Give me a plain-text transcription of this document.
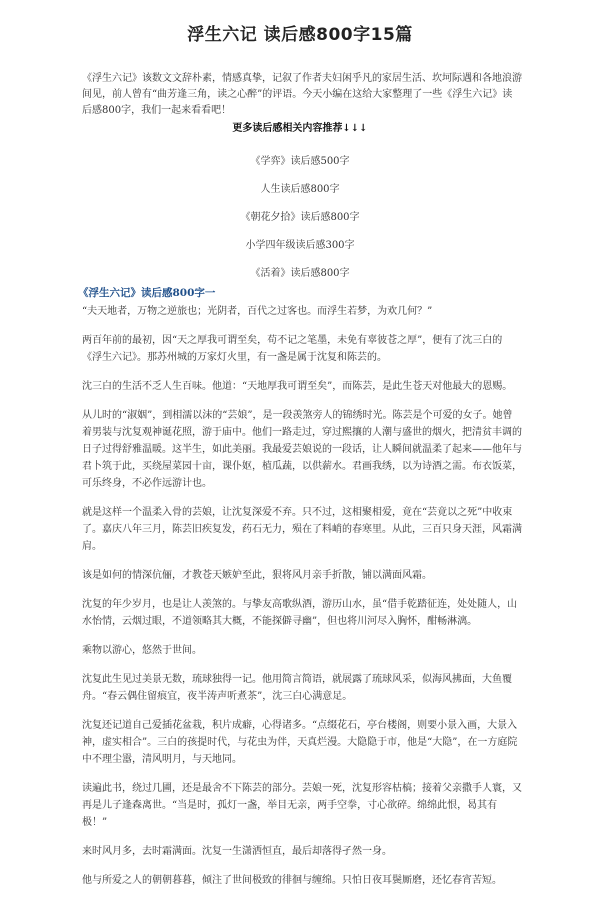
浮生六记 读后感800字15篇
《浮生六记》该数文文辞朴素，情感真挚，记叙了作者夫妇闲乎凡的家居生活、坎坷际遇和各地浪游间见，前人曾有“曲芳逢三角，读之心醉”的评语。今天小编在这给大家整理了一些《浮生六记》读后感800字，我们一起来看看吧！
更多读后感相关内容推荐↓↓↓
《学弈》读后感500字
人生读后感800字
《朝花夕拾》读后感800字
小学四年级读后感300字
《活着》读后感800字
《浮生六记》读后感800字一

“夫天地者，万物之逆旅也；光阴者，百代之过客也。而浮生若梦，为欢几何？”

两百年前的最初，因“天之厚我可谓至矣，苟不记之笔墨，未免有辜彼苍之厚”，便有了沈三白的《浮生六记》。那苏州城的万家灯火里，有一盏是属于沈复和陈芸的。

沈三白的生活不乏人生百味。他道：“天地厚我可谓至矣”，而陈芸，是此生苍天对他最大的恩赐。

从儿时的“淑姻”，到相濡以沫的“芸娘”，是一段羡煞旁人的锦绣时光。陈芸是个可爱的女子。她曾着男装与沈复观神诞花照，游于庙中。他们一路走过，穿过熙攘的人潮与盛世的烟火，把清贫丰调的日子过得舒雅温暖。这半生，如此美丽。我最爱芸娘说的一段话，让人瞬间就温柔了起来——他年与君卜筑于此，买绕屋菜园十亩，课仆妪，植瓜蔬，以供薪水。君画我绣，以为诗酒之需。布衣饭菜，可乐终身，不必作远游计也。

就是这样一个温柔入骨的芸娘，让沈复深爱不弃。只不过，这相聚相爱，竟在“芸竟以之死”中收束了。嘉庆八年三月，陈芸旧疾复发，药石无力，殒在了料峭的春寒里。从此，三百只身天涯，风霜满肩。

该是如何的情深伉俪，才教苍天嫉妒至此，狠将风月亲手折散，铺以满面风霜。

沈复的年少岁月，也是让人羡煞的。与挚友高歌纵酒，游历山水，虽“借手乾踏征连，处处随人，山水怡情，云烟过眼，不道领略其大概，不能探僻寻幽”，但也将川河尽入胸怀，酣畅淋漓。

乘物以游心，悠然于世间。

沈复此生见过美景无数，琉球独得一记。他用简言简语，就展露了琉球风采，似海风拂面，大鱼覆舟。“春云偶住留痕宜，夜半涛声听煮茶”，沈三白心满意足。

沈复还记道自己爱插花盆栽，积片成癖，心得诸多。“点缀花石，亭台楼阁，则要小景入画，大景入神，虚实相合”。三白的孩提时代，与花虫为伴，天真烂漫。大隐隐于市，他是“大隐”，在一方庭院中不理尘嚣，清风明月，与天地同。

读遍此书，绕过几圃，还是最舍不下陈芸的部分。芸娘一死，沈复形容枯槁；接着父亲撒手人寰，又再是儿子逢森离世。“当是时，孤灯一盏，举目无亲，两手空拳，寸心欲碎。绵绵此恨，曷其有极！”

来时风月多，去时霜满面。沈复一生潇洒恒直，最后却落得孑然一身。

他与所爱之人的朝朝暮暮，倾注了世间极致的徘徊与缠绵。只怕日夜耳鬓厮磨，还忆春宵苦短。
